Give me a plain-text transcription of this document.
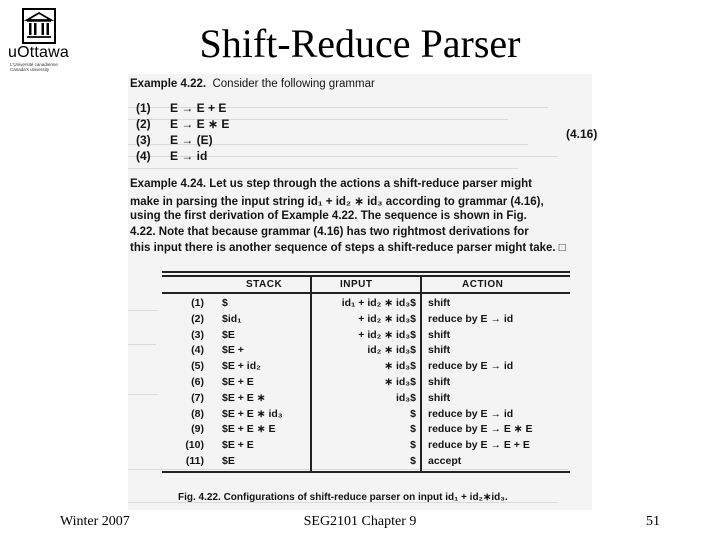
uOttawa
L'Université canadienne
Canada's university
Shift-Reduce Parser
Example 4.22. Consider the following grammar
(1) E → E + E
(2) E → E ∗ E
(3) E → (E)
(4) E → id
(4.16)
Example 4.24. Let us step through the actions a shift-reduce parser might
make in parsing the input string id₁ + id₂ ∗ id₃ according to grammar (4.16),
using the first derivation of Example 4.22. The sequence is shown in Fig.
4.22. Note that because grammar (4.16) has two rightmost derivations for
this input there is another sequence of steps a shift-reduce parser might take. □
STACK	INPUT	ACTION
(1) $	id₁ + id₂ ∗ id₃$ shift
(2) $id₁	+ id₂ ∗ id₃$ reduce by E → id
(3) $E	+ id₂ ∗ id₃$ shift
(4) $E +	id₂ ∗ id₃$ shift
(5) $E + id₂	∗ id₃$ reduce by E → id
(6) $E + E	∗ id₃$ shift
(7) $E + E ∗	id₃$ shift
(8) $E + E ∗ id₃	$ reduce by E → id
(9) $E + E ∗ E	$ reduce by E → E ∗ E
(10) $E + E	$ reduce by E → E + E
(11) $E	$ accept
Fig. 4.22. Configurations of shift-reduce parser on input id₁ + id₂∗id₃.
Winter 2007	SEG2101 Chapter 9	51
